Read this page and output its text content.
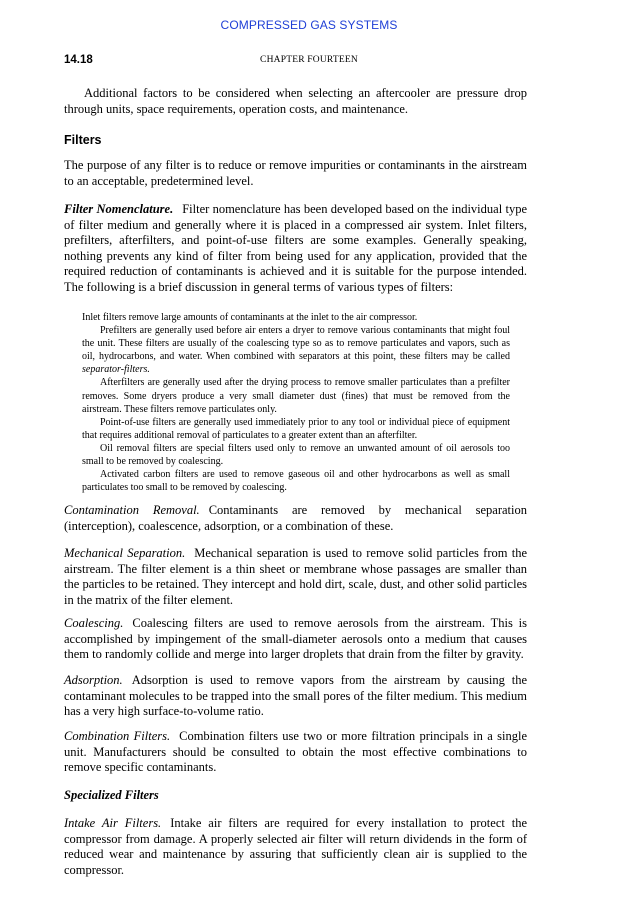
COMPRESSED GAS SYSTEMS
14.18	CHAPTER FOURTEEN

Additional factors to be considered when selecting an aftercooler are pressure drop through units, space requirements, operation costs, and maintenance.

Filters

The purpose of any filter is to reduce or remove impurities or contaminants in the airstream to an acceptable, predetermined level.

Filter Nomenclature. Filter nomenclature has been developed based on the individual type of filter medium and generally where it is placed in a compressed air system. Inlet filters, prefilters, afterfilters, and point-of-use filters are some examples. Generally speaking, nothing prevents any kind of filter from being used for any application, provided that the required reduction of contaminants is achieved and it is suitable for the purpose intended. The following is a brief discussion in general terms of various types of filters:

Inlet filters remove large amounts of contaminants at the inlet to the air compressor.

Prefilters are generally used before air enters a dryer to remove various contaminants that might foul the unit. These filters are usually of the coalescing type so as to remove particulates and vapors, such as oil, hydrocarbons, and water. When combined with separators at this point, these filters may be called separator-filters.

Afterfilters are generally used after the drying process to remove smaller particulates than a prefilter removes. Some dryers produce a very small diameter dust (fines) that must be removed from the airstream. These filters remove particulates only.

Point-of-use filters are generally used immediately prior to any tool or individual piece of equipment that requires additional removal of particulates to a greater extent than an afterfilter.

Oil removal filters are special filters used only to remove an unwanted amount of oil aerosols too small to be removed by coalescing.

Activated carbon filters are used to remove gaseous oil and other hydrocarbons as well as small particulates too small to be removed by coalescing.

Contamination Removal. Contaminants are removed by mechanical separation (interception), coalescence, adsorption, or a combination of these.

Mechanical Separation. Mechanical separation is used to remove solid particles from the airstream. The filter element is a thin sheet or membrane whose passages are smaller than the particles to be retained. They intercept and hold dirt, scale, dust, and other solid particles in the matrix of the filter element.

Coalescing. Coalescing filters are used to remove aerosols from the airstream. This is accomplished by impingement of the small-diameter aerosols onto a medium that causes them to randomly collide and merge into larger droplets that drain from the filter by gravity.

Adsorption. Adsorption is used to remove vapors from the airstream by causing the contaminant molecules to be trapped into the small pores of the filter medium. This medium has a very high surface-to-volume ratio.

Combination Filters. Combination filters use two or more filtration principals in a single unit. Manufacturers should be consulted to obtain the most effective combinations to remove specific contaminants.

Specialized Filters

Intake Air Filters. Intake air filters are required for every installation to protect the compressor from damage. A properly selected air filter will return dividends in the form of reduced wear and maintenance by assuring that sufficiently clean air is supplied to the compressor.
